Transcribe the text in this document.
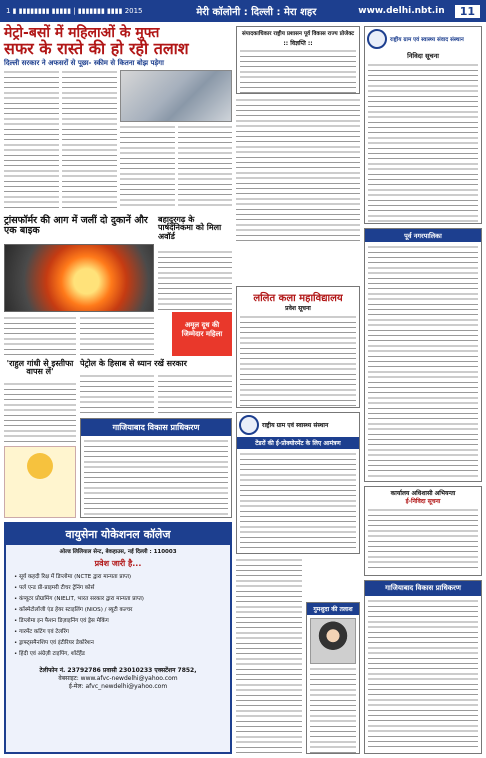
1 ▮ ▮▮▮▮▮▮▮▮ ▮▮▮▮▮ | ▮▮▮▮▮▮▮ ▮▮▮▮ 2015	मेरी कॉलोनी : दिल्ली : मेरा शहर	www.delhi.nbt.in	11
मेट्रो-बसों में महिलाओं के मुफ्त
सफर के रास्ते की हो रही तलाश
दिल्ली सरकार ने अफसरों से पूछा- स्कीम से कितना बोझ पड़ेगा
ट्रांसफॉर्मर की आग में जलीं दो दुकानें और एक बाइक
बहादुरगढ़ के पार्षदनिकमा को मिला अवॉर्ड
अमूल दूध की
जिम्मेदार महिला
'राहुल गांधी से इस्तीफा वापस लें'
पेट्रोल के हिसाब से ध्यान रखें सरकार
गाजियाबाद विकास प्राधिकरण
वायुसेना योकेशनल कॉलेज
ओल्ड लिलियाल सेन्ट, बेकहाउस, नई दिल्ली : 110003
प्रवेश जारी है...
• सूर्य कहदी रिक्ष में डिप्लोमा (NCTE द्वारा मान्यता प्राप्त)
• पर्ल एन्ड प्री-प्राइमरी टीचर ट्रेनिंग कोर्स
• कंप्यूटर प्रोग्रामिंग (NIELIT, भारत सरकार द्वारा मान्यता प्राप्त)
• कॉस्मेटोलॉजी एंड हेयर स्टाइलिंग (NIOS) / ब्यूटी कल्चर
• डिप्लोमा इन फैशन डिज़ाइनिंग एवं ड्रेस मेकिंग
• गारमेंट कटिंग एवं टेलरिंग
• ड्राफ्ट्समैनशिप एवं इंटीरियर डेकोरेशन
• हिंदी एवं अंग्रेज़ी टाइपिंग, शॉर्टहैंड
टेलीफोन नं. 23792786 प्रवासी 23010233 एक्सटेंशन 7852,
वेबसाइट: www.afvc-newdelhi@yahoo.com
ई-मेल: afvc_newdelhi@yahoo.com
संपादकाधिकार राष्ट्रीय प्रशासन पूर्व विकास राज्य प्रोजेक्ट
:: विज्ञप्ति ::
ललित कला महाविद्यालय
प्रवेश सूचना
राष्ट्रीय ग्राम एवं स्वास्थ्य संस्थान
टेंडरों की ई-प्रोक्योरमेंट के लिए आमंत्रण
गुमशुदा की तलाश
राष्ट्रीय ग्राम एवं स्वास्थ्य संवाद संस्थान
निविदा सूचना
कार्यालय अधिशासी अभियन्ता
ई-निविदा सूचना
पूर्व नगरपालिका
गाजियाबाद विकास प्राधिकरण
